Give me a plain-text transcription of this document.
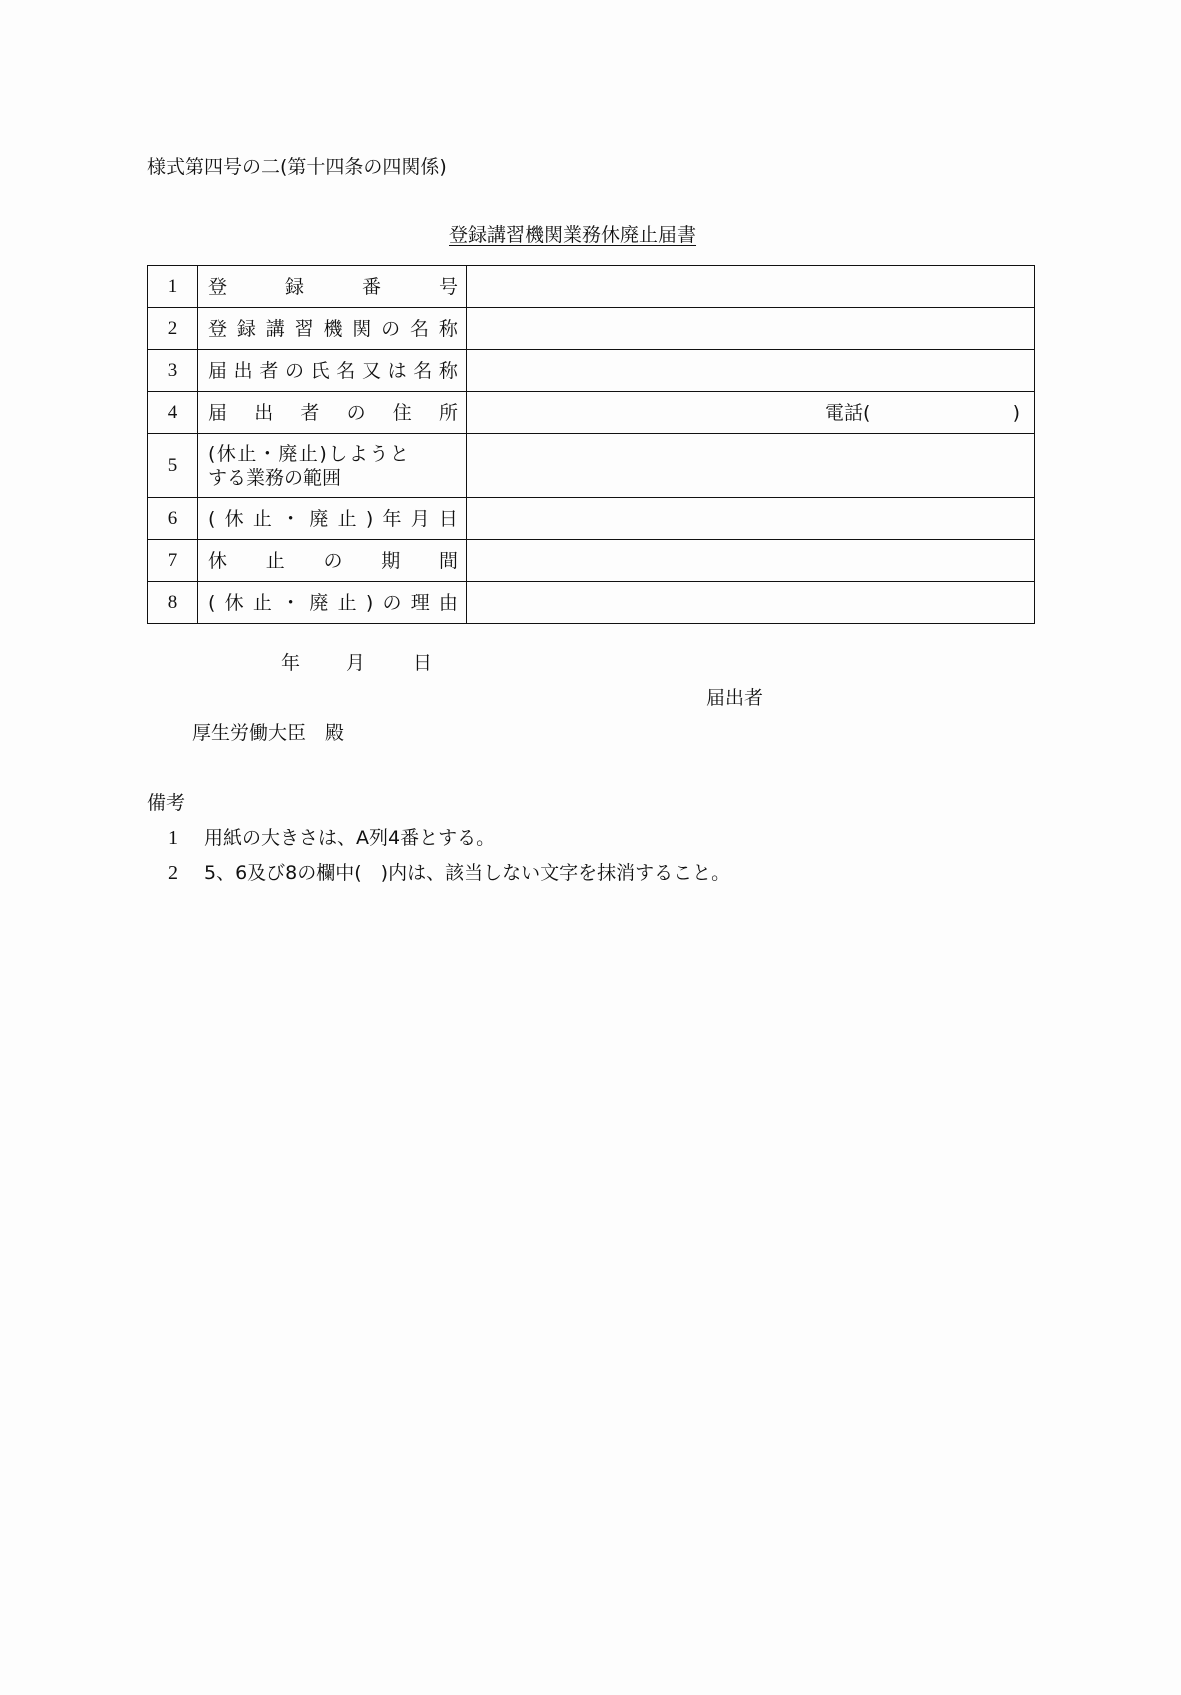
様式第四号の二(第十四条の四関係)
登録講習機関業務休廃止届書
1	登 録 番 号	

2	登 録 講 習 機 関 の 名 称

3	届 出 者 の 氏 名 又 は 名 称

4	届 出 者 の 住 所	電話(	)

5	(休止・廃止)しようと
する業務の範囲	

6	( 休 止 ・ 廃 止 ) 年 月 日

7	休 止 の 期 間	

8	( 休 止 ・ 廃 止 ) の 理 由

年 月	日
届出者
厚生労働大臣　殿
備考
1 用紙の大きさは、A列4番とする。
2 5、6及び8の欄中(　)内は、該当しない文字を抹消すること。
